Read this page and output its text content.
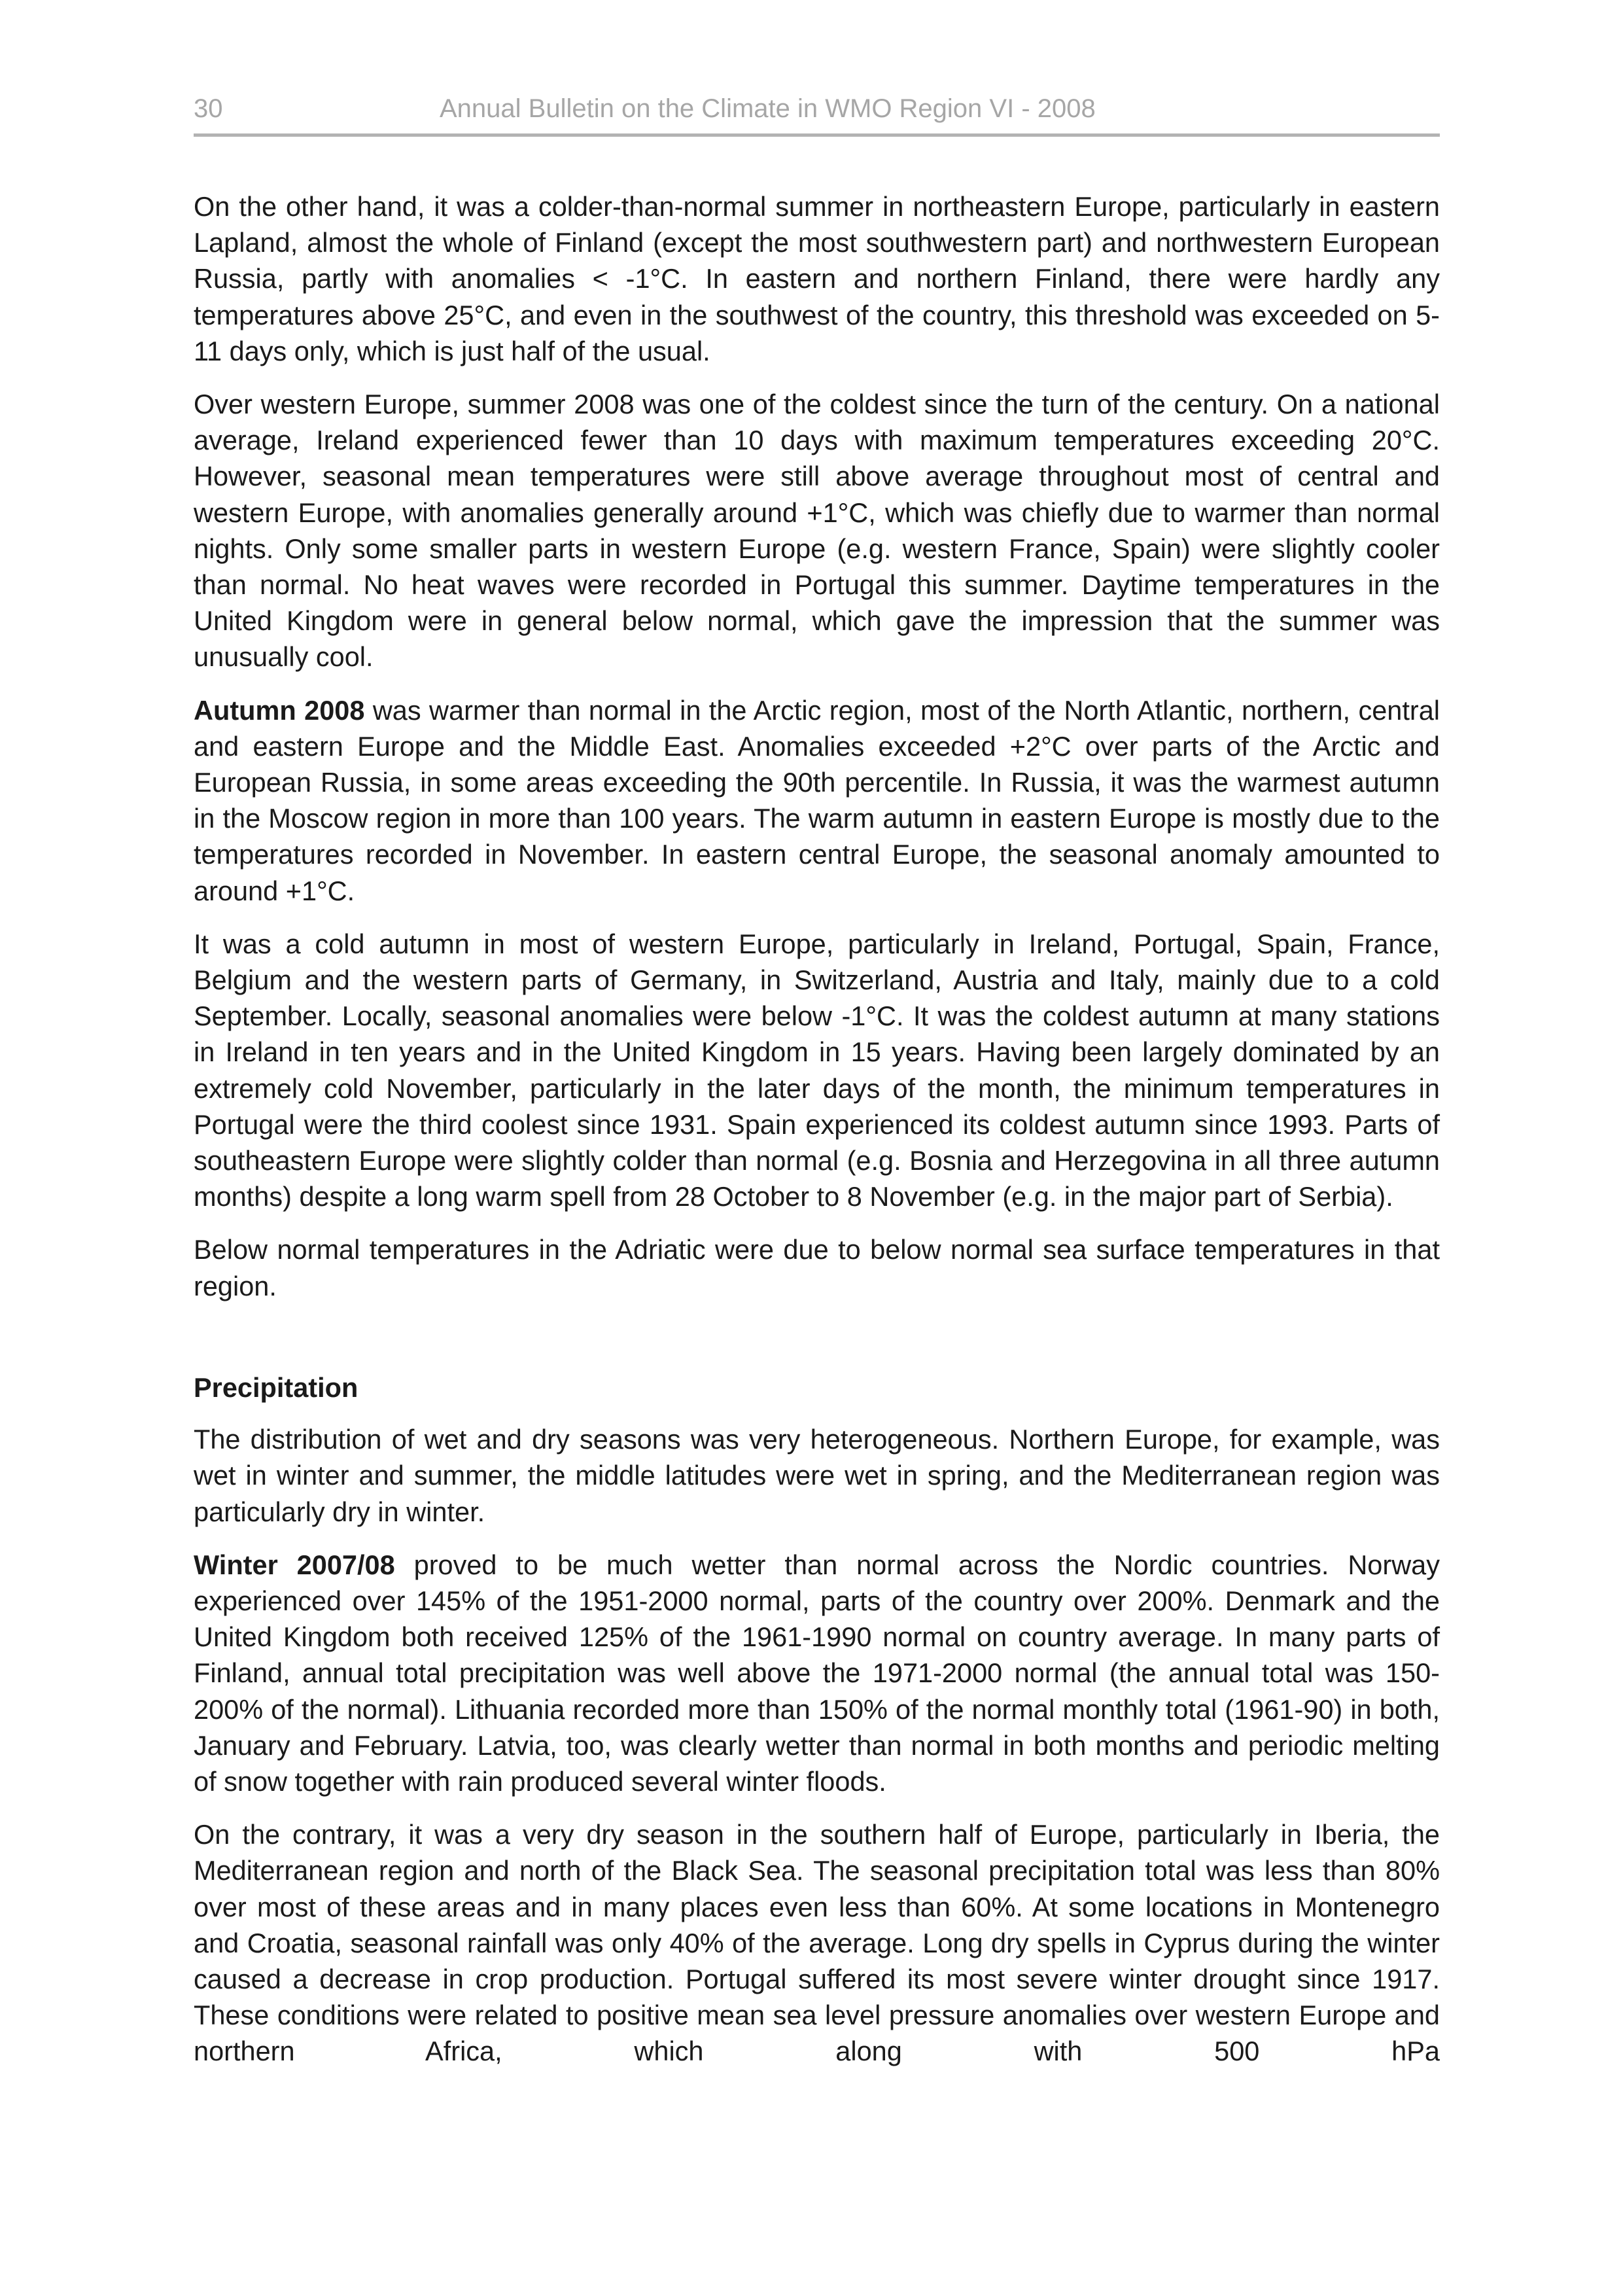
30	Annual Bulletin on the Climate in WMO Region VI - 2008

On the other hand, it was a colder-than-normal summer in northeastern Europe, particularly in eastern Lapland, almost the whole of Finland (except the most southwestern part) and northwestern European Russia, partly with anomalies < -1°C. In eastern and northern Finland, there were hardly any temperatures above 25°C, and even in the southwest of the country, this threshold was exceeded on 5-11 days only, which is just half of the usual.

Over western Europe, summer 2008 was one of the coldest since the turn of the century. On a national average, Ireland experienced fewer than 10 days with maximum temperatures exceeding 20°C. However, seasonal mean temperatures were still above average throughout most of central and western Europe, with anomalies generally around +1°C, which was chiefly due to warmer than normal nights. Only some smaller parts in western Europe (e.g. western France, Spain) were slightly cooler than normal. No heat waves were recorded in Portugal this summer. Daytime temperatures in the United Kingdom were in general below normal, which gave the impression that the summer was unusually cool.

Autumn 2008 was warmer than normal in the Arctic region, most of the North Atlantic, northern, central and eastern Europe and the Middle East. Anomalies exceeded +2°C over parts of the Arctic and European Russia, in some areas exceeding the 90th percentile. In Russia, it was the warmest autumn in the Moscow region in more than 100 years. The warm autumn in eastern Europe is mostly due to the temperatures recorded in November. In eastern central Europe, the seasonal anomaly amounted to around +1°C.

It was a cold autumn in most of western Europe, particularly in Ireland, Portugal, Spain, France, Belgium and the western parts of Germany, in Switzerland, Austria and Italy, mainly due to a cold September. Locally, seasonal anomalies were below -1°C. It was the coldest autumn at many stations in Ireland in ten years and in the United Kingdom in 15 years. Having been largely dominated by an extremely cold November, particularly in the later days of the month, the minimum temperatures in Portugal were the third coolest since 1931. Spain experienced its coldest autumn since 1993. Parts of southeastern Europe were slightly colder than normal (e.g. Bosnia and Herzegovina in all three autumn months) despite a long warm spell from 28 October to 8 November (e.g. in the major part of Serbia).

Below normal temperatures in the Adriatic were due to below normal sea surface temperatures in that region.

Precipitation

The distribution of wet and dry seasons was very heterogeneous. Northern Europe, for example, was wet in winter and summer, the middle latitudes were wet in spring, and the Mediterranean region was particularly dry in winter.

Winter 2007/08 proved to be much wetter than normal across the Nordic countries. Norway experienced over 145% of the 1951-2000 normal, parts of the country over 200%. Denmark and the United Kingdom both received 125% of the 1961-1990 normal on country average. In many parts of Finland, annual total precipitation was well above the 1971-2000 normal (the annual total was 150-200% of the normal). Lithuania recorded more than 150% of the normal monthly total (1961-90) in both, January and February. Latvia, too, was clearly wetter than normal in both months and periodic melting of snow together with rain produced several winter floods.

On the contrary, it was a very dry season in the southern half of Europe, particularly in Iberia, the Mediterranean region and north of the Black Sea. The seasonal precipitation total was less than 80% over most of these areas and in many places even less than 60%. At some locations in Montenegro and Croatia, seasonal rainfall was only 40% of the average. Long dry spells in Cyprus during the winter caused a decrease in crop production. Portugal suffered its most severe winter drought since 1917. These conditions were related to positive mean sea level pressure anomalies over western Europe and northern Africa, which along with 500 hPa
